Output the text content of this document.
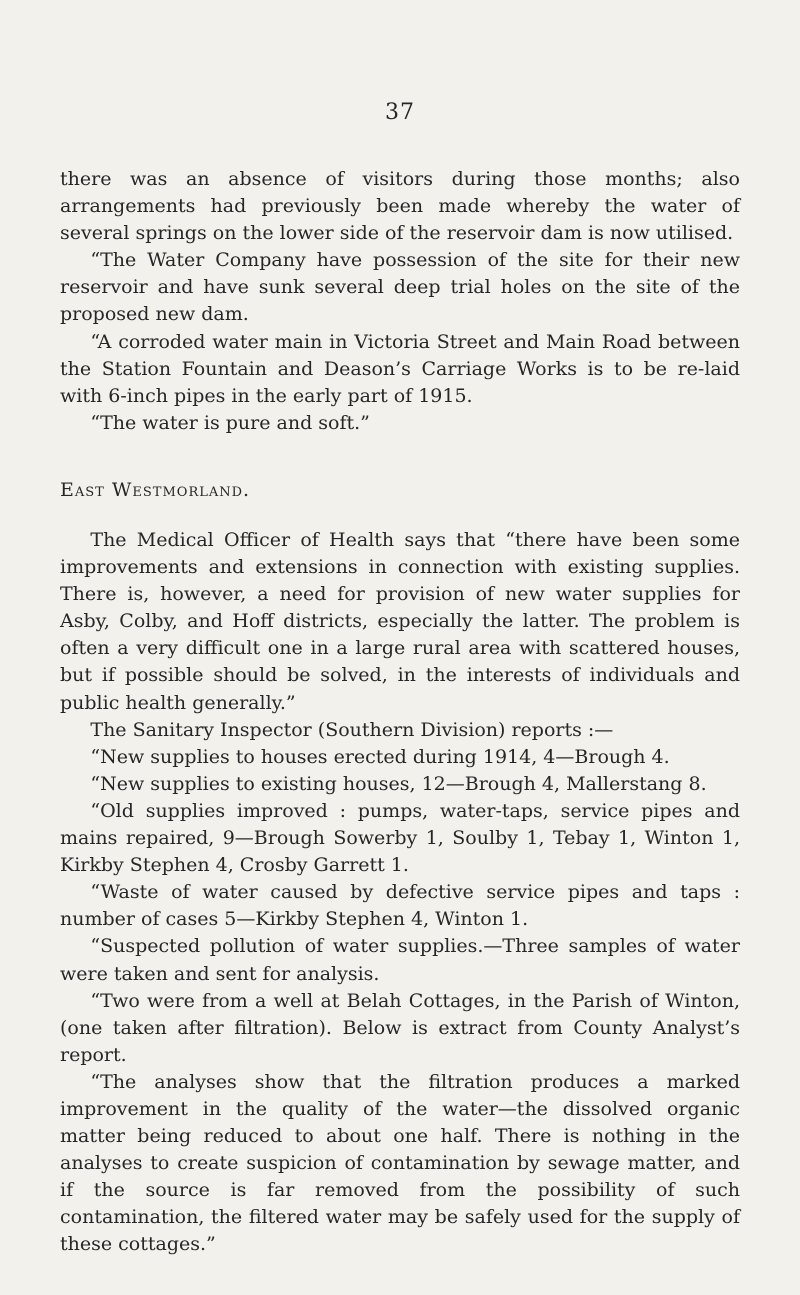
37

there was an absence of visitors during those months; also arrangements had previously been made whereby the water of several springs on the lower side of the reservoir dam is now utilised.

“The Water Company have possession of the site for their new reservoir and have sunk several deep trial holes on the site of the proposed new dam.

“A corroded water main in Victoria Street and Main Road between the Station Fountain and Deason’s Carriage Works is to be re-laid with 6-inch pipes in the early part of 1915.

“The water is pure and soft.”

East Westmorland.

The Medical Officer of Health says that “there have been some improvements and extensions in connection with existing supplies. There is, however, a need for provision of new water supplies for Asby, Colby, and Hoff districts, especially the latter. The problem is often a very difficult one in a large rural area with scattered houses, but if possible should be solved, in the interests of individuals and public health generally.”

The Sanitary Inspector (Southern Division) reports :—

“New supplies to houses erected during 1914, 4—Brough 4.

“New supplies to existing houses, 12—Brough 4, Mallerstang 8.

“Old supplies improved : pumps, water-taps, service pipes and mains repaired, 9—Brough Sowerby 1, Soulby 1, Tebay 1, Winton 1, Kirkby Stephen 4, Crosby Garrett 1.

“Waste of water caused by defective service pipes and taps : number of cases 5—Kirkby Stephen 4, Winton 1.

“Suspected pollution of water supplies.—Three samples of water were taken and sent for analysis.

“Two were from a well at Belah Cottages, in the Parish of Winton, (one taken after filtration). Below is extract from County Analyst’s report.

“The analyses show that the filtration produces a marked improvement in the quality of the water—the dissolved organic matter being reduced to about one half. There is nothing in the analyses to create suspicion of contamination by sewage matter, and if the source is far removed from the possibility of such contamination, the filtered water may be safely used for the supply of these cottages.”
